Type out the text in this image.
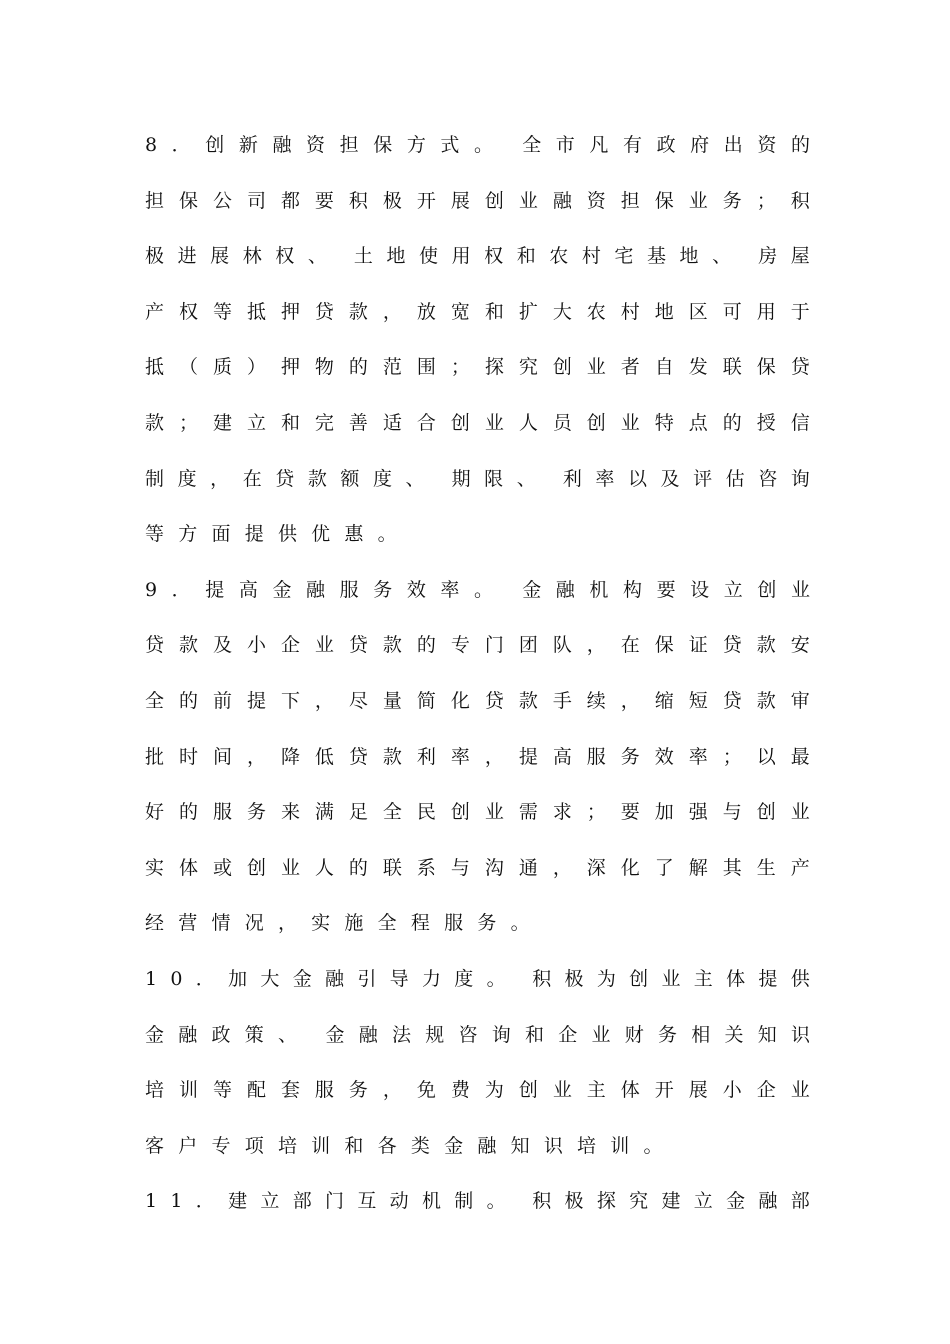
8 ． 创 新 融 资 担 保 方 式 。 全 市 凡 有 政 府 出 资 的
担 保 公 司 都 要 积 极 开 展 创 业 融 资 担 保 业 务 ； 积
极 进 展 林 权 、 土 地 使 用 权 和 农 村 宅 基 地 、 房 屋
产 权 等 抵 押 贷 款 ， 放 宽 和 扩 大 农 村 地 区 可 用 于
抵 （ 质 ） 押 物 的 范 围 ； 探 究 创 业 者 自 发 联 保 贷
款 ； 建 立 和 完 善 适 合 创 业 人 员 创 业 特 点 的 授 信
制 度 ， 在 贷 款 额 度 、 期 限 、 利 率 以 及 评 估 咨 询
等 方 面 提 供 优 惠 。
9 ． 提 高 金 融 服 务 效 率 。 金 融 机 构 要 设 立 创 业
贷 款 及 小 企 业 贷 款 的 专 门 团 队 ， 在 保 证 贷 款 安
全 的 前 提 下 ， 尽 量 简 化 贷 款 手 续 ， 缩 短 贷 款 审
批 时 间 ， 降 低 贷 款 利 率 ， 提 高 服 务 效 率 ； 以 最
好 的 服 务 来 满 足 全 民 创 业 需 求 ； 要 加 强 与 创 业
实 体 或 创 业 人 的 联 系 与 沟 通 ， 深 化 了 解 其 生 产
经 营 情 况 ， 实 施 全 程 服 务 。
1 0 ． 加 大 金 融 引 导 力 度 。 积 极 为 创 业 主 体 提 供
金 融 政 策 、 金 融 法 规 咨 询 和 企 业 财 务 相 关 知 识
培 训 等 配 套 服 务 ， 免 费 为 创 业 主 体 开 展 小 企 业
客 户 专 项 培 训 和 各 类 金 融 知 识 培 训 。
1 1 ． 建 立 部 门 互 动 机 制 。 积 极 探 究 建 立 金 融 部
